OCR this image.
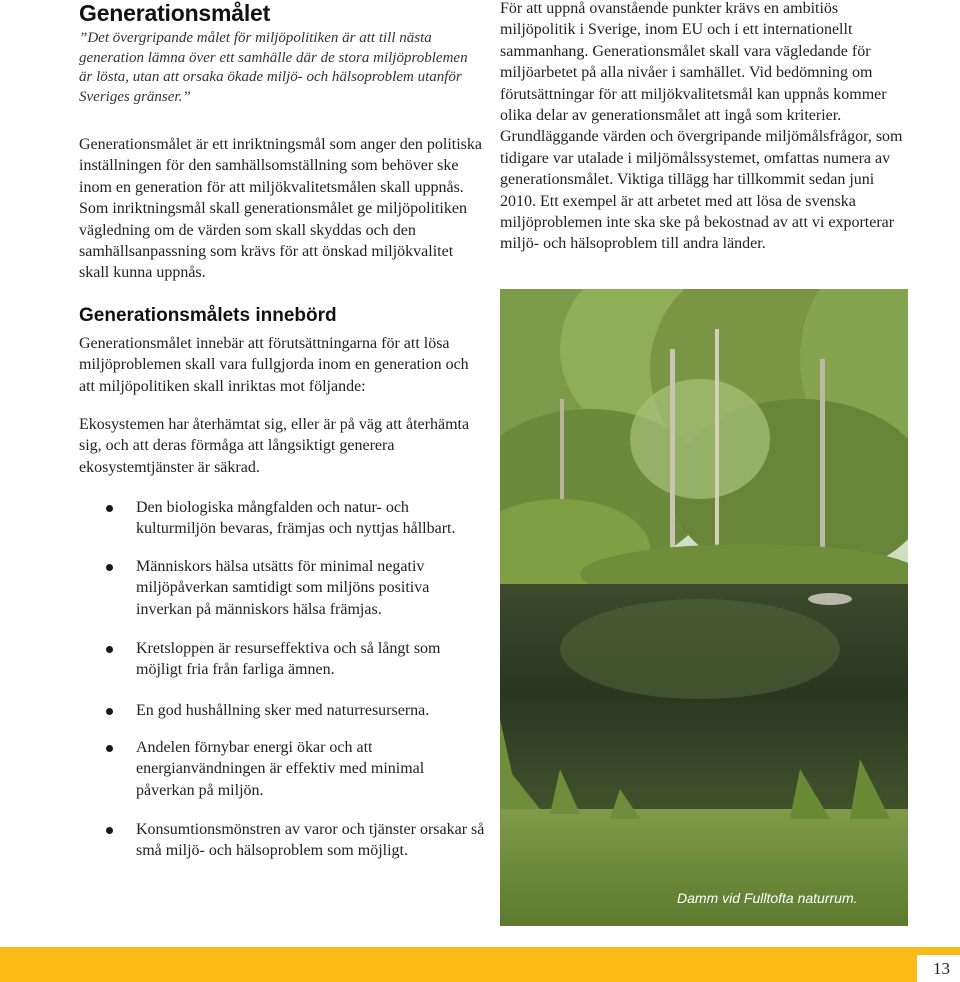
Generationsmålet
”Det övergripande målet för miljöpolitiken är att till nästa generation lämna över ett samhälle där de stora miljöproblemen är lösta, utan att orsaka ökade miljö- och hälsoproblem utanför Sveriges gränser.”
Generationsmålet är ett inriktningsmål som anger den politiska inställningen för den samhällsomställning som behöver ske inom en generation för att miljökvalitetsmålen skall uppnås. Som inriktningsmål skall generationsmålet ge miljöpolitiken vägledning om de värden som skall skyddas och den samhällsanpassning som krävs för att önskad miljökvalitet skall kunna uppnås.
För att uppnå ovanstående punkter krävs en ambitiös miljöpolitik i Sverige, inom EU och i ett internationellt sammanhang. Generationsmålet skall vara vägledande för miljöarbetet på alla nivåer i samhället. Vid bedömning om förutsättningar för att miljökvalitetsmål kan uppnås kommer olika delar av generationsmålet att ingå som kriterier. Grundläggande värden och övergripande miljömålsfrågor, som tidigare var utalade i miljömålssystemet, omfattas numera av generationsmålet. Viktiga tillägg har tillkommit sedan juni 2010. Ett exempel är att arbetet med att lösa de svenska miljöproblemen inte ska ske på bekostnad av att vi exporterar miljö- och hälsoproblem till andra länder.
Generationsmålets innebörd
Generationsmålet innebär att förutsättningarna för att lösa miljöproblemen skall vara fullgjorda inom en generation och att miljöpolitiken skall inriktas mot följande:
Ekosystemen har återhämtat sig, eller är på väg att återhämta sig, och att deras förmåga att långsiktigt generera ekosystemtjänster är säkrad.
Den biologiska mångfalden och natur- och kulturmiljön bevaras, främjas och nyttjas hållbart.
Människors hälsa utsätts för minimal negativ miljöpåverkan samtidigt som miljöns positiva inverkan på människors hälsa främjas.
Kretsloppen är resurseffektiva och så långt som möjligt fria från farliga ämnen.
En god hushållning sker med naturresurserna.
Andelen förnybar energi ökar och att energianvändningen är effektiv med minimal påverkan på miljön.
Konsumtionsmönstren av varor och tjänster orsakar så små miljö- och hälsoproblem som möjligt.
Damm vid Fulltofta naturrum.
13
